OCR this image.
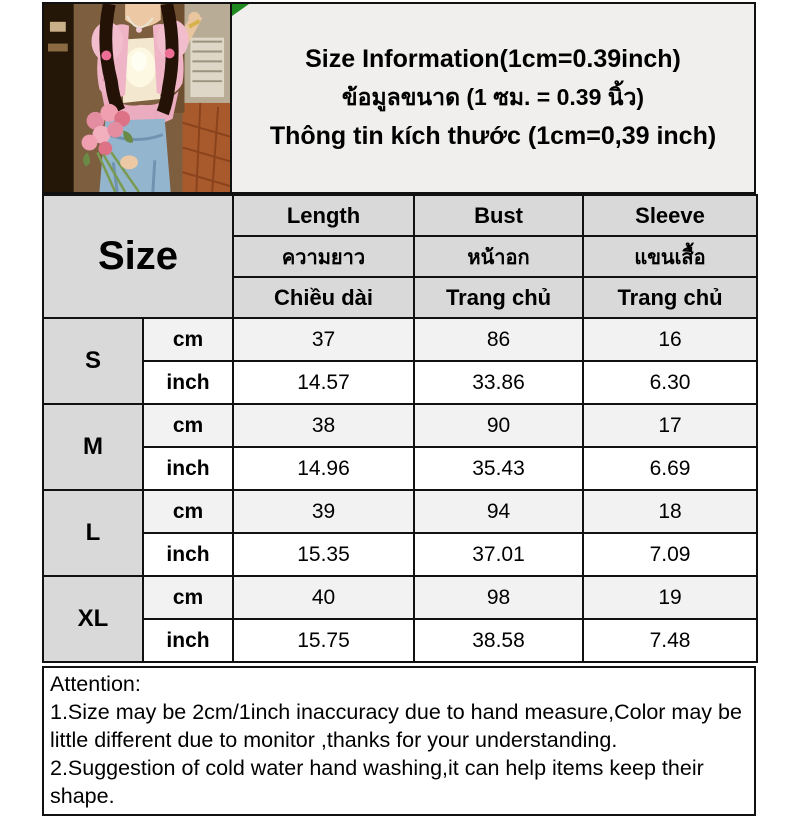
Size Information(1cm=0.39inch)
ข้อมูลขนาด (1 ซม. = 0.39 นิ้ว)
Thông tin kích thước (1cm=0,39 inch)
Size		Length	Bust	Sleeve
		ความยาว	หน้าอก	แขนเสื้อ
		Chiều dài	Trang chủ	Trang chủ
S	cm	37	86	16
	inch	14.57	33.86	6.30
M	cm	38	90	17
	inch	14.96	35.43	6.69
L	cm	39	94	18
	inch	15.35	37.01	7.09
XL	cm	40	98	19
	inch	15.75	38.58	7.48
Attention:
1.Size may be 2cm/1inch inaccuracy due to hand measure,Color may be little different due to monitor ,thanks for your understanding.
2.Suggestion of cold water hand washing,it can help items keep their shape.
